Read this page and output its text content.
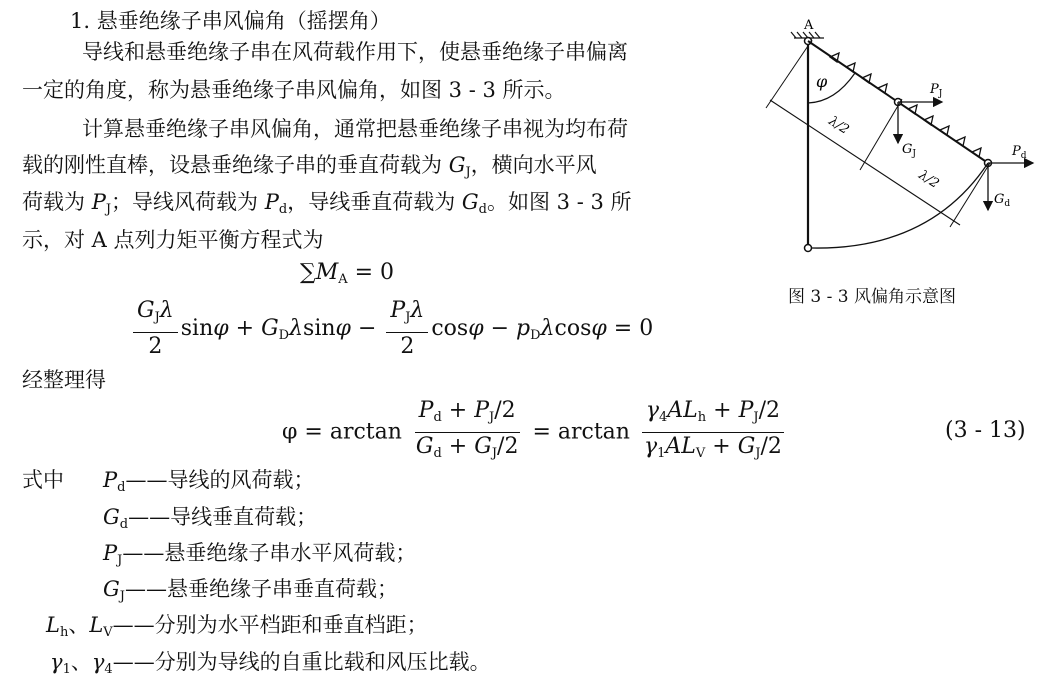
1. 悬垂绝缘子串风偏角（摇摆角）
导线和悬垂绝缘子串在风荷载作用下，使悬垂绝缘子串偏离
一定的角度，称为悬垂绝缘子串风偏角，如图 3 - 3 所示。
计算悬垂绝缘子串风偏角，通常把悬垂绝缘子串视为均布荷
载的刚性直棒，设悬垂绝缘子串的垂直荷载为 $G_J$，横向水平风
荷载为 $P_J$；导线风荷载为 $P_d$，导线垂直荷载为 $G_d$。如图 3 - 3 所
示，对 A 点列力矩平衡方程式为
$\sum M_A = 0$
$\frac{G_J\lambda}{2}$ $\sin\varphi + G_D\lambda\sin\varphi - \frac{P_J\lambda}{2}$ $\cos\varphi - p_D\lambda\cos\varphi = 0$
经整理得
$\varphi = \arctan \frac{P_d + P_J/2}{G_d + G_J/2} = \arctan \frac{\gamma_4AL_h + P_J/2}{\gamma_1AL_V + G_J/2}$	(3 - 13)
式中 $P_d——$导线的风荷载；
$G_d——$导线垂直荷载；
$P_J——$悬垂绝缘子串水平风荷载；
$G_J——$悬垂绝缘子串垂直荷载；
$L_h$、$L_V——$分别为水平档距和垂直档距；
$\gamma_1$、$\gamma_4——$分别为导线的自重比载和风压比载。
A
φ
λ/2
λ/2
$P_J$
$G_J$	$P_d$
$G_d$
图 3 - 3 风偏角示意图
